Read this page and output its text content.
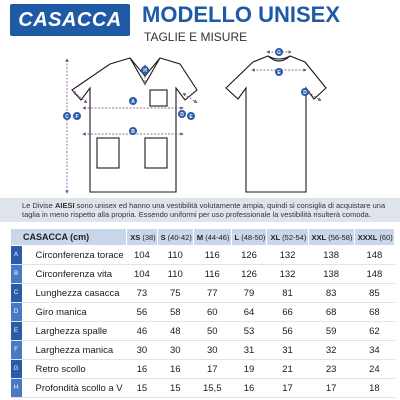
CASACCA MODELLO UNISEX
TAGLIE E MISURE
A
B
C	D E
F
H
G
E
D
Le Divise AIESI sono unisex ed hanno una vestibilità volutamente ampia, quindi si consiglia di acquistare una taglia in meno rispetto alla propria. Essendo uniformi per uso professionale la vestibilità risulterà comoda.
CASACCA (cm)		XS (38)	S (40-42)	M (44-46)	L (48-50)	XL (52-54)	XXL (56-58)	XXXL (60)

A	Circonferenza torace	104	110	116	126	132	138	148

B	Circonferenza vita	104	110	116	126	132	138	148

C	Lunghezza casacca	73	75	77	79	81	83	85

D	Giro manica	56	58	60	64	66	68	68

E	Larghezza spalle	46	48	50	53	56	59	62

F	Larghezza manica	30	30	30	31	31	32	34

G	Retro scollo	16	16	17	19	21	23	24

H	Profondità scollo a V	15	15	15,5	16	17	17	18
